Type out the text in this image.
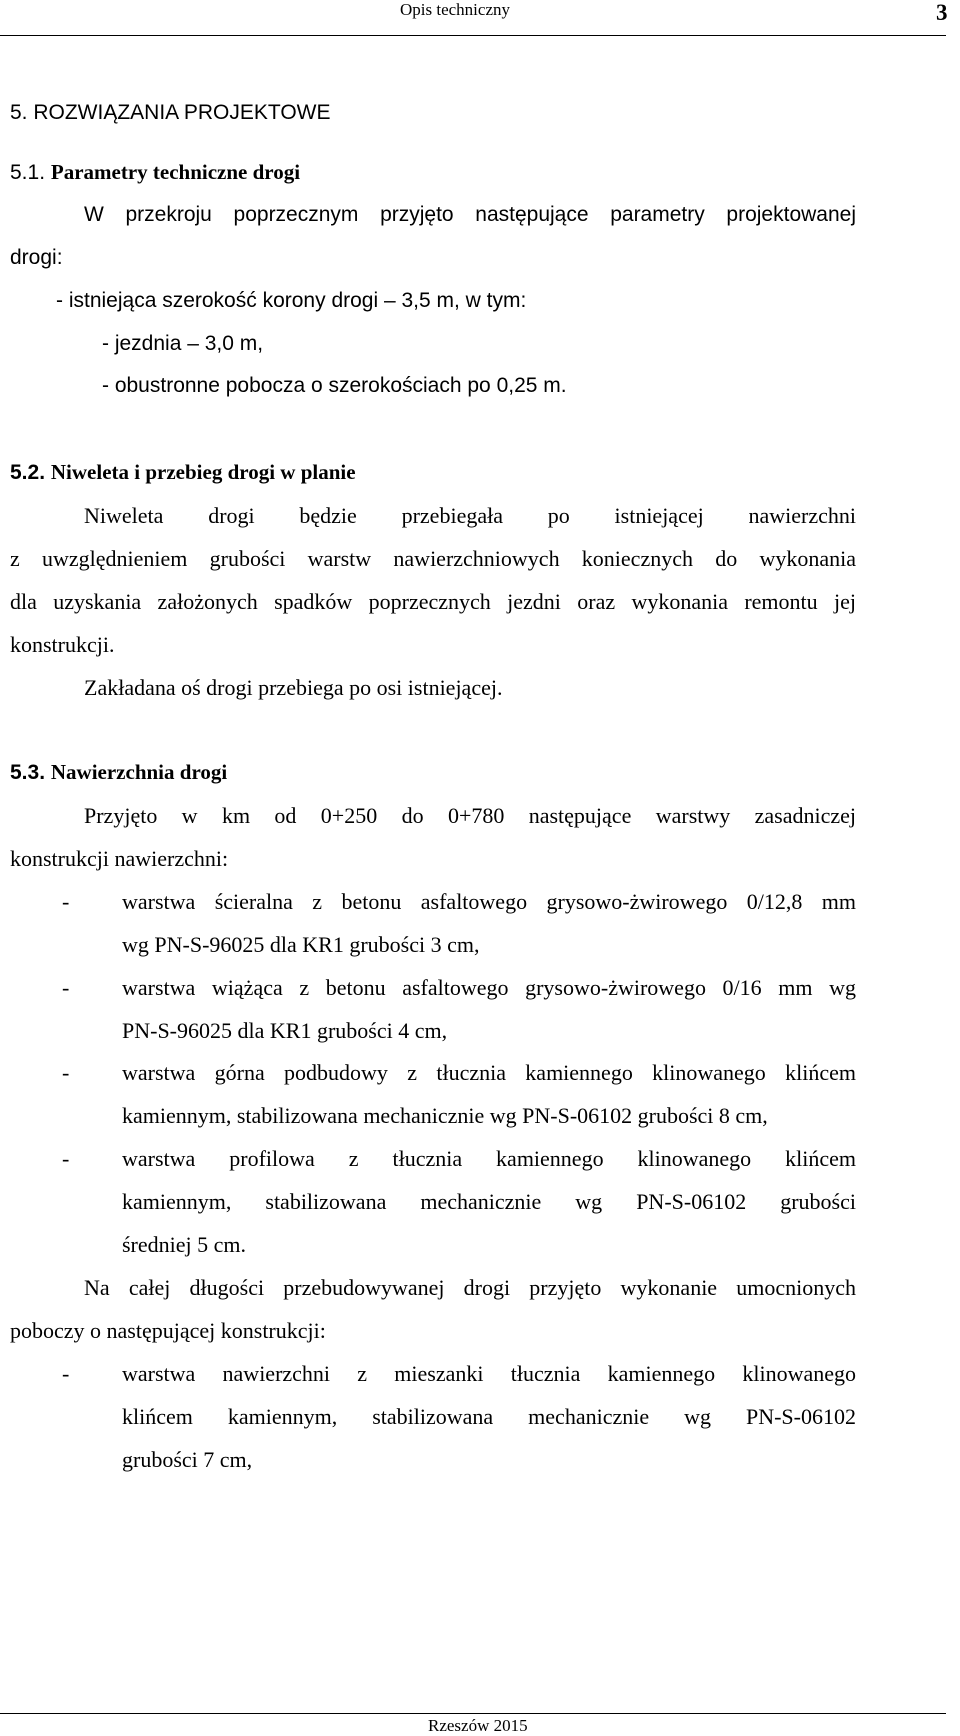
Opis techniczny	3
5. ROZWIĄZANIA PROJEKTOWE
5.1. Parametry techniczne drogi
W przekroju poprzecznym przyjęto następujące parametry projektowanej
drogi:
- istniejąca szerokość korony drogi – 3,5 m, w tym:
- jezdnia – 3,0 m,
- obustronne pobocza o szerokościach po 0,25 m.
5.2. Niweleta i przebieg drogi w planie
Niweleta drogi będzie przebiegała po istniejącej nawierzchni
z uwzględnieniem grubości warstw nawierzchniowych koniecznych do wykonania
dla uzyskania założonych spadków poprzecznych jezdni oraz wykonania remontu jej
konstrukcji.
Zakładana oś drogi przebiega po osi istniejącej.
5.3. Nawierzchnia drogi
Przyjęto w km od 0+250 do 0+780 następujące warstwy zasadniczej
konstrukcji nawierzchni:
- warstwa ścieralna z betonu asfaltowego grysowo-żwirowego 0/12,8 mm
wg PN-S-96025 dla KR1 grubości 3 cm,
- warstwa wiążąca z betonu asfaltowego grysowo-żwirowego 0/16 mm wg
PN-S-96025 dla KR1 grubości 4 cm,
- warstwa górna podbudowy z tłucznia kamiennego klinowanego klińcem
kamiennym, stabilizowana mechanicznie wg PN-S-06102 grubości 8 cm,
- warstwa profilowa z tłucznia kamiennego klinowanego klińcem
kamiennym, stabilizowana mechanicznie wg PN-S-06102 grubości
średniej 5 cm.
Na całej długości przebudowywanej drogi przyjęto wykonanie umocnionych
poboczy o następującej konstrukcji:
- warstwa nawierzchni z mieszanki tłucznia kamiennego klinowanego
klińcem kamiennym, stabilizowana mechanicznie wg PN-S-06102
grubości 7 cm,
Rzeszów 2015
